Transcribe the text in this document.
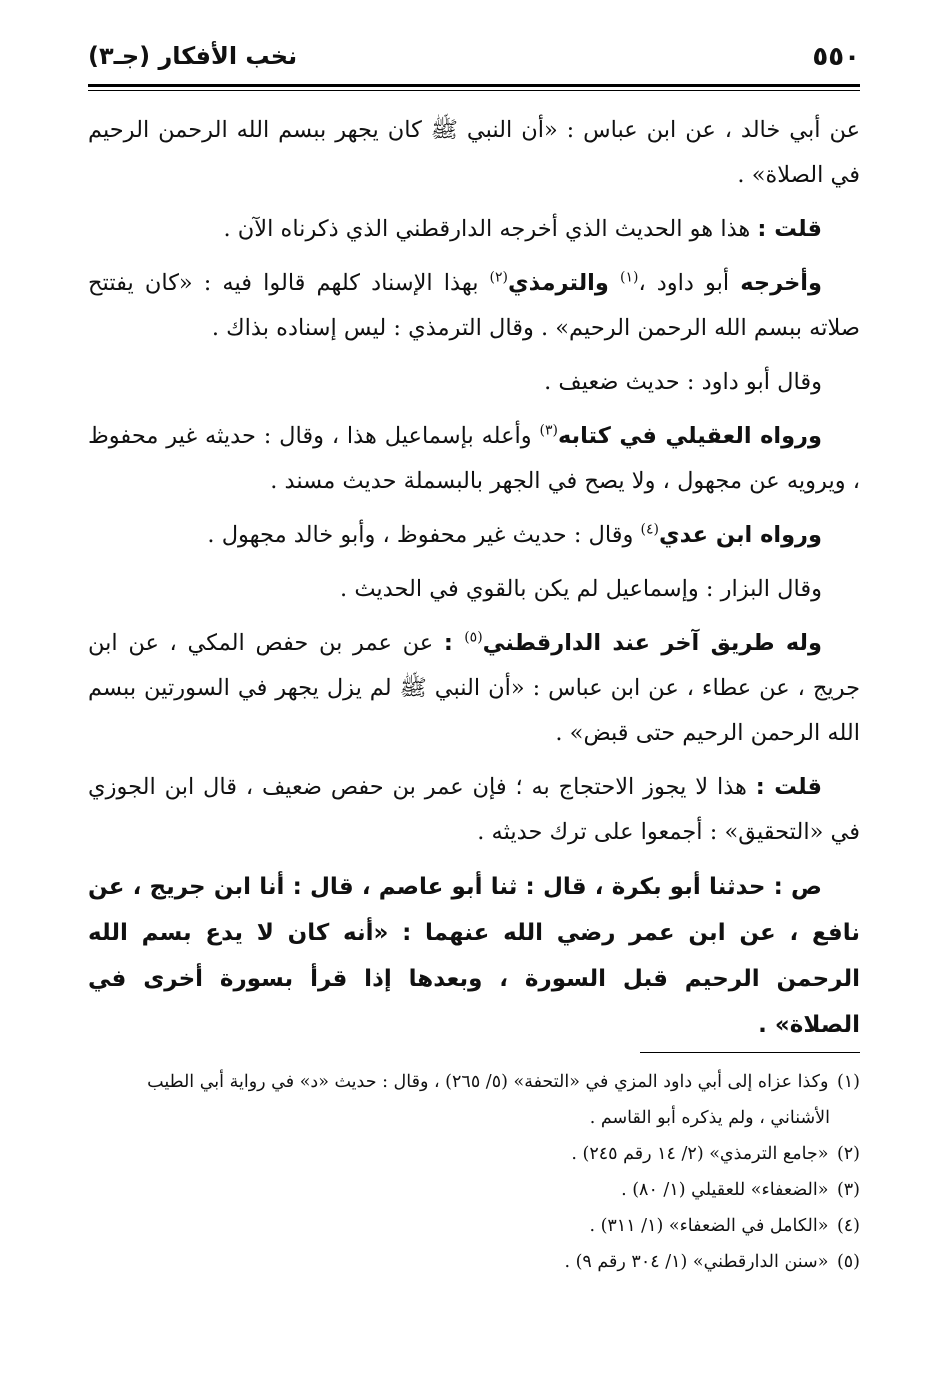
نخب الأفكار (جـ٣)	٥٥٠

عن أبي خالد ، عن ابن عباس : «أن النبي ﷺ كان يجهر ببسم الله الرحمن الرحيم في الصلاة» .

قلت : هذا هو الحديث الذي أخرجه الدارقطني الذي ذكرناه الآن .

وأخرجه أبو داود ،$^{(١)}$ والترمذي$^{(٢)}$ بهذا الإسناد كلهم قالوا فيه : «كان يفتتح صلاته ببسم الله الرحمن الرحيم» . وقال الترمذي : ليس إسناده بذاك .

وقال أبو داود : حديث ضعيف .

ورواه العقيلي في كتابه$^{(٣)}$ وأعله بإسماعيل هذا ، وقال : حديثه غير محفوظ ، ويرويه عن مجهول ، ولا يصح في الجهر بالبسملة حديث مسند .

ورواه ابن عدي$^{(٤)}$ وقال : حديث غير محفوظ ، وأبو خالد مجهول .

وقال البزار : وإسماعيل لم يكن بالقوي في الحديث .

وله طريق آخر عند الدارقطني$^{(٥)}$ : عن عمر بن حفص المكي ، عن ابن جريج ، عن عطاء ، عن ابن عباس : «أن النبي ﷺ لم يزل يجهر في السورتين ببسم الله الرحمن الرحيم حتى قبض» .

قلت : هذا لا يجوز الاحتجاج به ؛ فإن عمر بن حفص ضعيف ، قال ابن الجوزي في «التحقيق» : أجمعوا على ترك حديثه .

ص : حدثنا أبو بكرة ، قال : ثنا أبو عاصم ، قال : أنا ابن جريج ، عن نافع ، عن ابن عمر رضي الله عنهما : «أنه كان لا يدع بسم الله الرحمن الرحيم قبل السورة ، وبعدها إذا قرأ بسورة أخرى في الصلاة» .

(١) وكذا عزاه إلى أبي داود المزي في «التحفة» (٥/ ٢٦٥) ، وقال : حديث «د» في رواية أبي الطيب

الأشناني ، ولم يذكره أبو القاسم .

(٢) «جامع الترمذي» (٢/ ١٤ رقم ٢٤٥) .

(٣) «الضعفاء» للعقيلي (١/ ٨٠) .

(٤) «الكامل في الضعفاء» (١/ ٣١١) .

(٥) «سنن الدارقطني» (١/ ٣٠٤ رقم ٩) .
